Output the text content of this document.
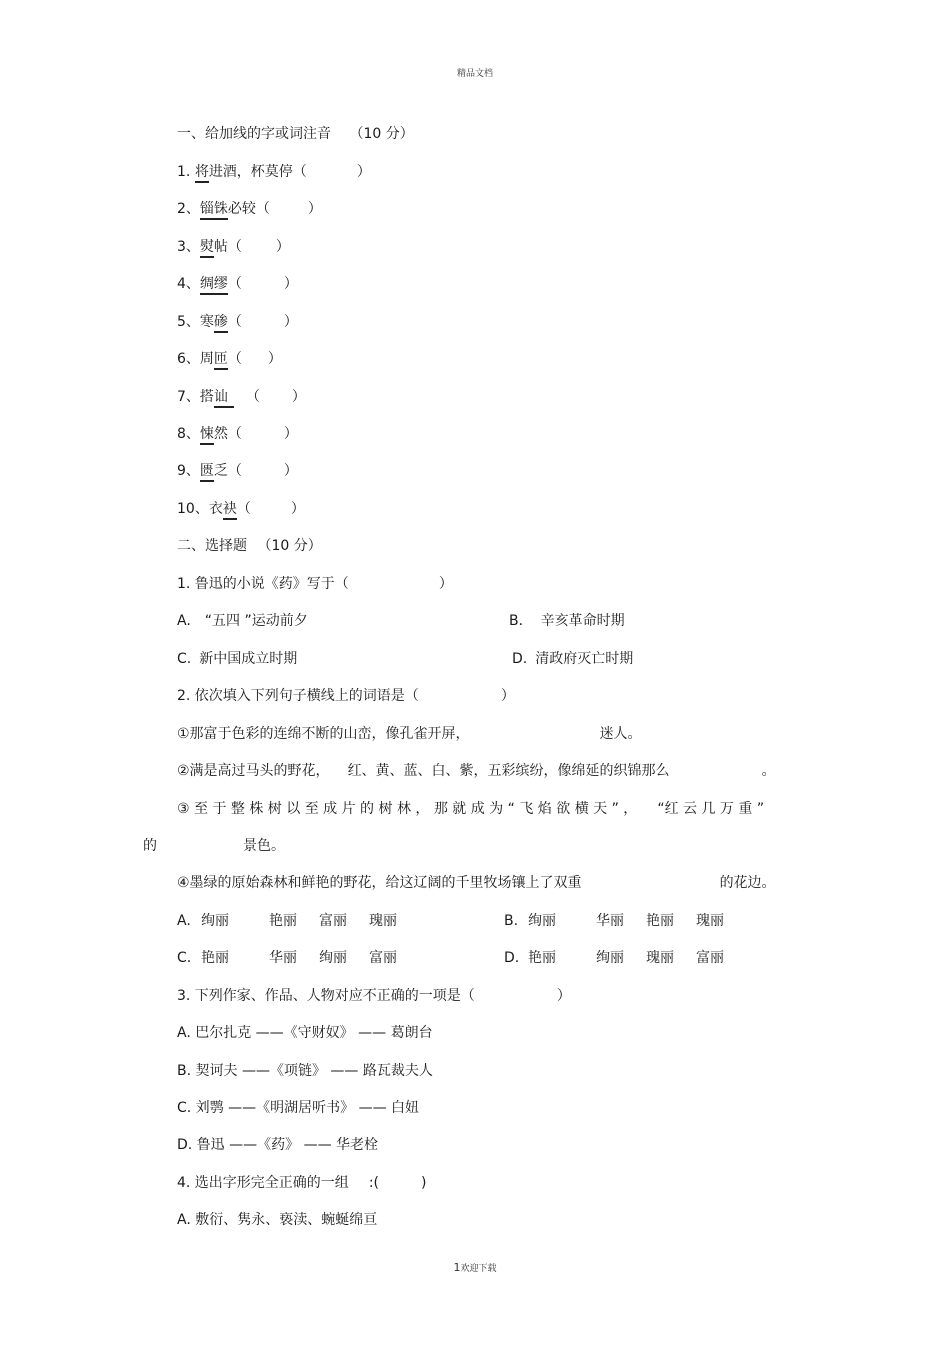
精品文档
一、给加线的字或词注音 （10 分）
1. 将进酒，杯莫停（	）
2、锱铢必较（	）
3、熨帖（ ）
4、绸缪（	）
5、寒碜（	）
6、周匝（ ）
7、搭讪 （ ）
8、悚然（	）
9、匮乏（	）
10、衣袂（	）
二、选择题 （10 分）
1. 鲁迅的小说《药》写于（	）
A. “五四 ”运动前夕	B． 辛亥革命时期
C. 新中国成立时期	D. 清政府灭亡时期
2. 依次填入下列句子横线上的词语是（	）
①那富于色彩的连绵不断的山峦，像孔雀开屏，	迷人。
②满是高过马头的野花， 红、黄、蓝、白、紫，五彩缤纷，像绵延的织锦那么	。
③ 至 于 整 株 树 以 至 成 片 的 树 林 ， 那 就 成 为 “ 飞 焰 欲 横 天 ” ， “红 云 几 万 重 ”
的	景色。
④墨绿的原始森林和鲜艳的野花，给这辽阔的千里牧场镶上了双重	的花边。
A. 绚丽	艳丽 富丽 瑰丽	B. 绚丽	华丽 艳丽 瑰丽
C. 艳丽	华丽 绚丽 富丽	D. 艳丽	绚丽 瑰丽 富丽
3. 下列作家、作品、人物对应不正确的一项是（	）
A. 巴尔扎克 ——《守财奴》 —— 葛朗台
B. 契诃夫 ——《项链》 —— 路瓦裁夫人
C. 刘鹗 ——《明湖居听书》 —— 白妞
D. 鲁迅 ——《药》 —— 华老栓
4. 选出字形完全正确的一组 :(	)
A. 敷衍、隽永、亵渎、蜿蜒绵亘
1欢迎下载
